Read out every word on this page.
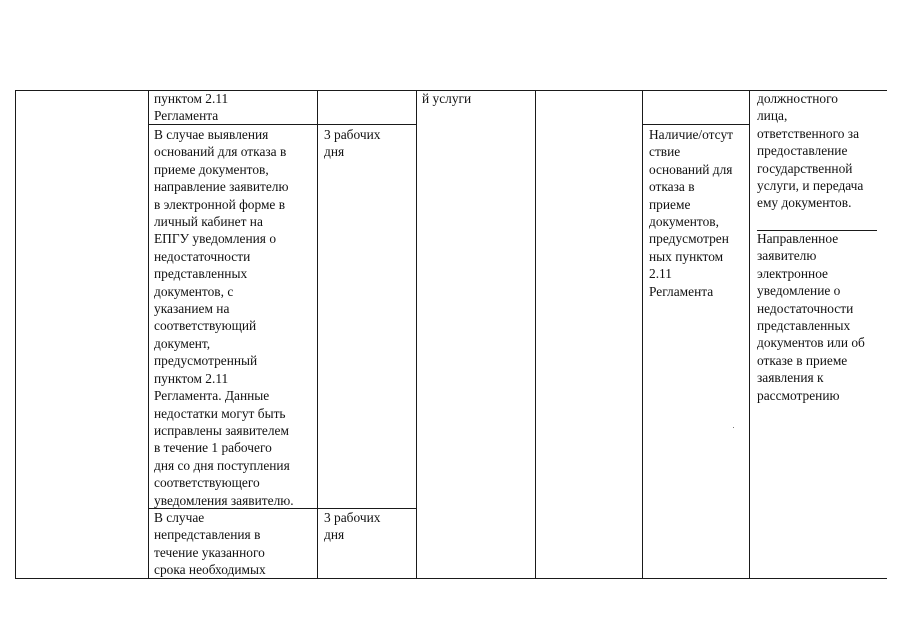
пунктом 2.11
Регламента

В случае выявления
оснований для отказа в
приеме документов,
направление заявителю
в электронной форме в
личный кабинет на
ЕПГУ уведомления о
недостаточности
представленных
документов, с
указанием на
соответствующий
документ,
предусмотренный
пунктом 2.11
Регламента. Данные
недостатки могут быть
исправлены заявителем
в течение 1 рабочего
дня со дня поступления
соответствующего
уведомления заявителю.

В случае
непредставления в
течение указанного
срока необходимых

3 рабочих
дня

3 рабочих
дня

й услуги

Наличие/отсут
ствие
оснований для
отказа в
приеме
документов,
предусмотрен
ных пунктом
2.11
Регламента

должностного
лица,
ответственного за
предоставление
государственной
услуги, и передача
ему документов.

Направленное
заявителю
электронное
уведомление о
недостаточности
представленных
документов или об
отказе в приеме
заявления к
рассмотрению
